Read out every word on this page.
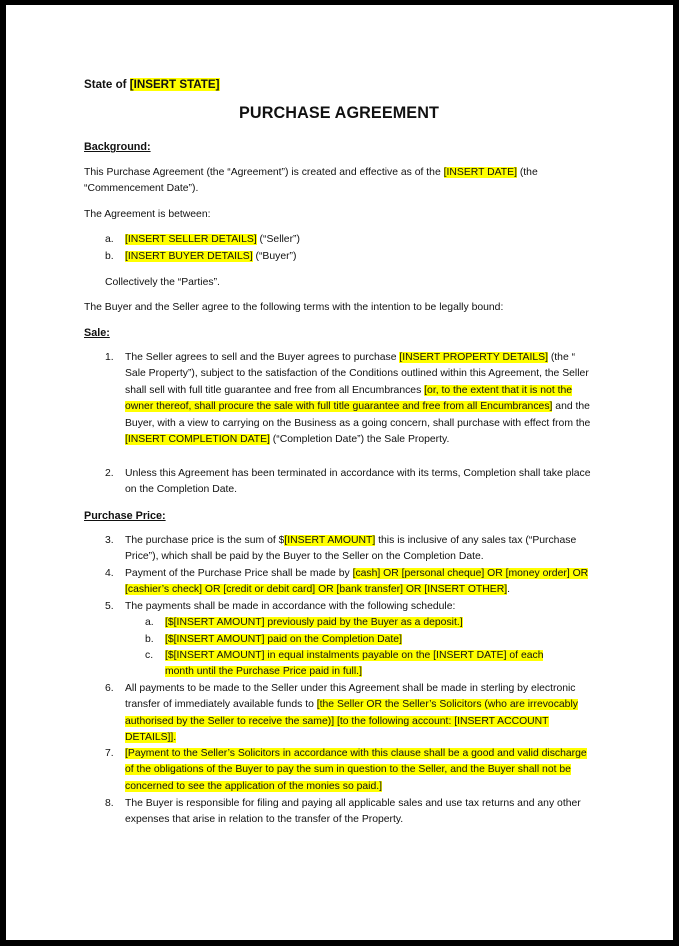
State of [INSERT STATE]
PURCHASE AGREEMENT
Background:
This Purchase Agreement (the “Agreement”) is created and effective as of the [INSERT DATE] (the “Commencement Date”).
The Agreement is between:
a.	[INSERT SELLER DETAILS] (“Seller”)
b.	[INSERT BUYER DETAILS] (“Buyer”)
Collectively the “Parties”.
The Buyer and the Seller agree to the following terms with the intention to be legally bound:
Sale:
1.	The Seller agrees to sell and the Buyer agrees to purchase [INSERT PROPERTY DETAILS] (the “ Sale Property”), subject to the satisfaction of the Conditions outlined within this Agreement, the Seller shall sell with full title guarantee and free from all Encumbrances [or, to the extent that it is not the owner thereof, shall procure the sale with full title guarantee and free from all Encumbrances] and the Buyer, with a view to carrying on the Business as a going concern, shall purchase with effect from the [INSERT COMPLETION DATE] (“Completion Date”) the Sale Property.
2.	Unless this Agreement has been terminated in accordance with its terms, Completion shall take place on the Completion Date.
Purchase Price:
3.	The purchase price is the sum of $[INSERT AMOUNT] this is inclusive of any sales tax (“Purchase Price”), which shall be paid by the Buyer to the Seller on the Completion Date.
4.	Payment of the Purchase Price shall be made by [cash] OR [personal cheque] OR [money order] OR [cashier’s check] OR [credit or debit card] OR [bank transfer] OR [INSERT OTHER].
5.	The payments shall be made in accordance with the following schedule:
a.	[$[INSERT AMOUNT] previously paid by the Buyer as a deposit.]
b.	[$[INSERT AMOUNT] paid on the Completion Date]
c.	[$[INSERT AMOUNT] in equal instalments payable on the [INSERT DATE] of each month until the Purchase Price paid in full.]
6.	All payments to be made to the Seller under this Agreement shall be made in sterling by electronic transfer of immediately available funds to [the Seller OR the Seller’s Solicitors (who are irrevocably authorised by the Seller to receive the same)] [to the following account: [INSERT ACCOUNT DETAILS]].
7.	[Payment to the Seller’s Solicitors in accordance with this clause shall be a good and valid discharge of the obligations of the Buyer to pay the sum in question to the Seller, and the Buyer shall not be concerned to see the application of the monies so paid.]
8.	The Buyer is responsible for filing and paying all applicable sales and use tax returns and any other expenses that arise in relation to the transfer of the Property.
